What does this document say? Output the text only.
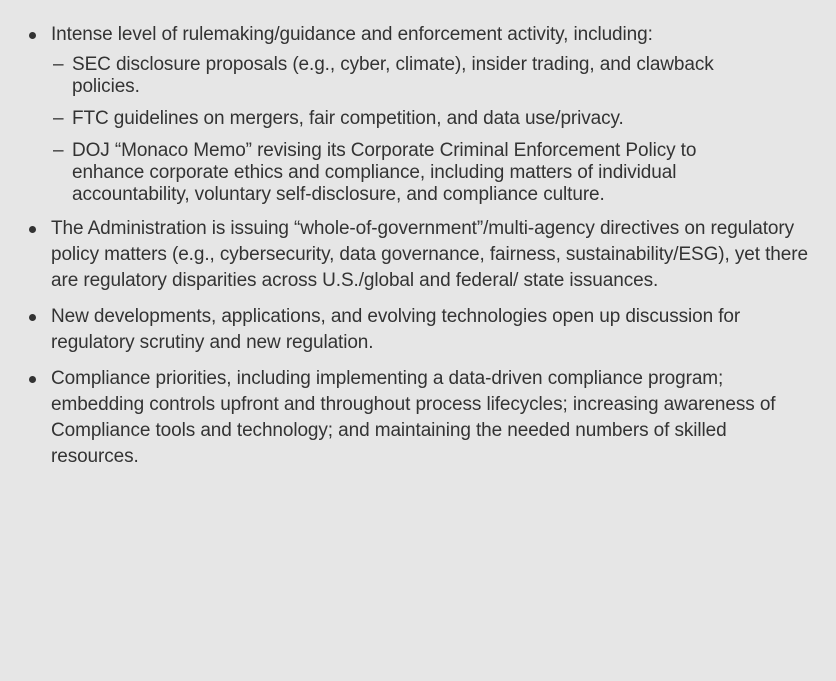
Intense level of rulemaking/guidance and enforcement activity, including:
– SEC disclosure proposals (e.g., cyber, climate), insider trading, and clawback policies.
– FTC guidelines on mergers, fair competition, and data use/privacy.
– DOJ “Monaco Memo” revising its Corporate Criminal Enforcement Policy to enhance corporate ethics and compliance, including matters of individual accountability, voluntary self-disclosure, and compliance culture.
The Administration is issuing “whole-of-government”/multi-agency directives on regulatory policy matters (e.g., cybersecurity, data governance, fairness, sustainability/ESG), yet there are regulatory disparities across U.S./global and federal/ state issuances.
New developments, applications, and evolving technologies open up discussion for regulatory scrutiny and new regulation.
Compliance priorities, including implementing a data-driven compliance program; embedding controls upfront and throughout process lifecycles; increasing awareness of Compliance tools and technology; and maintaining the needed numbers of skilled resources.
